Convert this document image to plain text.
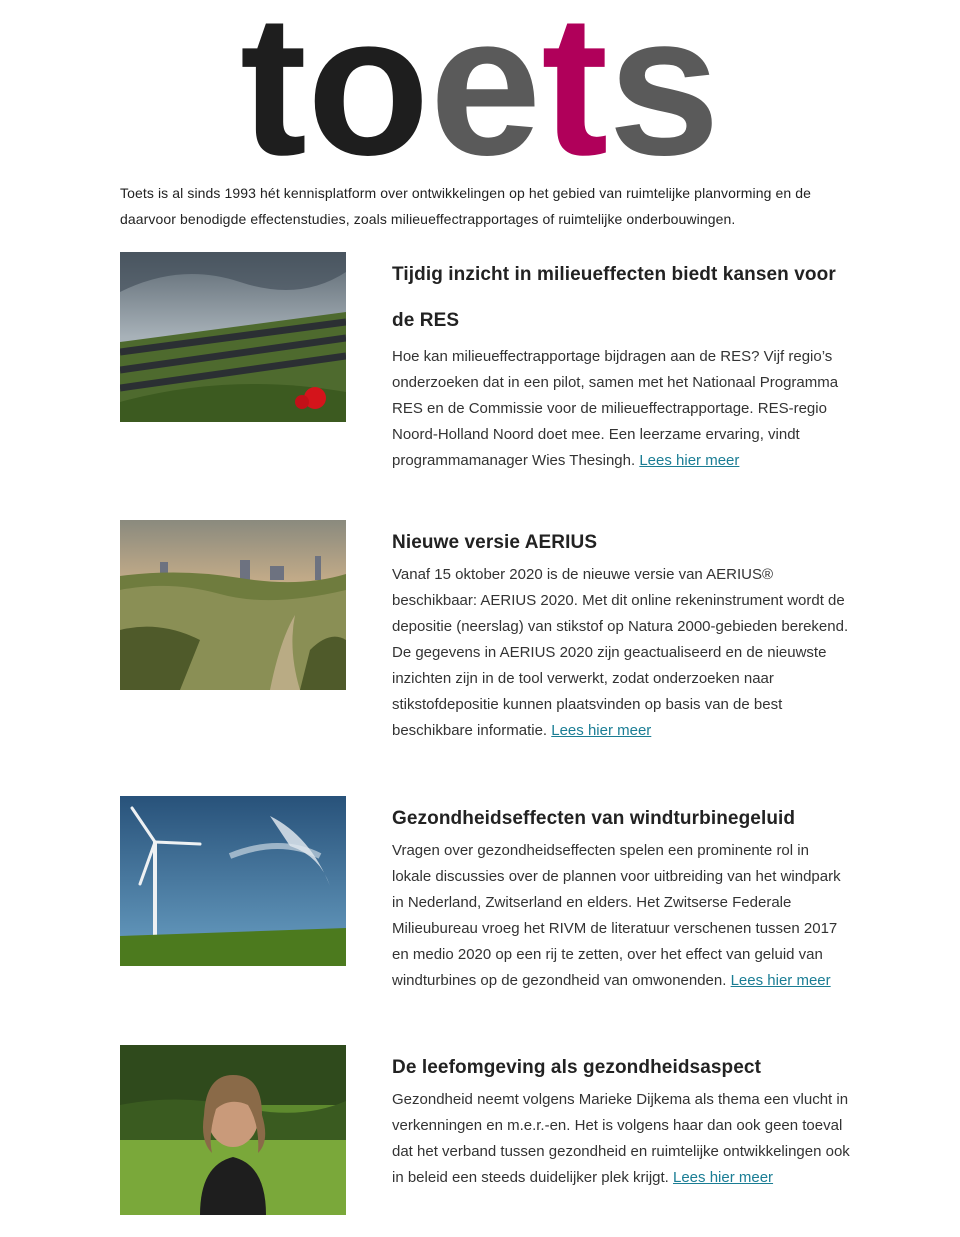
toets
Toets is al sinds 1993 hét kennisplatform over ontwikkelingen op het gebied van ruimtelijke planvorming en de daarvoor benodigde effectenstudies, zoals milieueffectrapportages of ruimtelijke onderbouwingen.

Tijdig inzicht in milieueffecten biedt kansen voor de RES

Hoe kan milieueffectrapportage bijdragen aan de RES? Vijf regio’s onderzoeken dat in een pilot, samen met het Nationaal Programma RES en de Commissie voor de milieueffectrapportage. RES-regio Noord-Holland Noord doet mee. Een leerzame ervaring, vindt programmamanager Wies Thesingh. Lees hier meer

Nieuwe versie AERIUS

Vanaf 15 oktober 2020 is de nieuwe versie van AERIUS® beschikbaar: AERIUS 2020. Met dit online rekeninstrument wordt de depositie (neerslag) van stikstof op Natura 2000-gebieden berekend. De gegevens in AERIUS 2020 zijn geactualiseerd en de nieuwste inzichten zijn in de tool verwerkt, zodat onderzoeken naar stikstofdepositie kunnen plaatsvinden op basis van de best beschikbare informatie. Lees hier meer

Gezondheidseffecten van windturbinegeluid

Vragen over gezondheidseffecten spelen een prominente rol in lokale discussies over de plannen voor uitbreiding van het windpark in Nederland, Zwitserland en elders. Het Zwitserse Federale Milieubureau vroeg het RIVM de literatuur verschenen tussen 2017 en medio 2020 op een rij te zetten, over het effect van geluid van windturbines op de gezondheid van omwonenden. Lees hier meer

De leefomgeving als gezondheidsaspect

Gezondheid neemt volgens Marieke Dijkema als thema een vlucht in verkenningen en m.e.r.-en. Het is volgens haar dan ook geen toeval dat het verband tussen gezondheid en ruimtelijke ontwikkelingen ook in beleid een steeds duidelijker plek krijgt. Lees hier meer
